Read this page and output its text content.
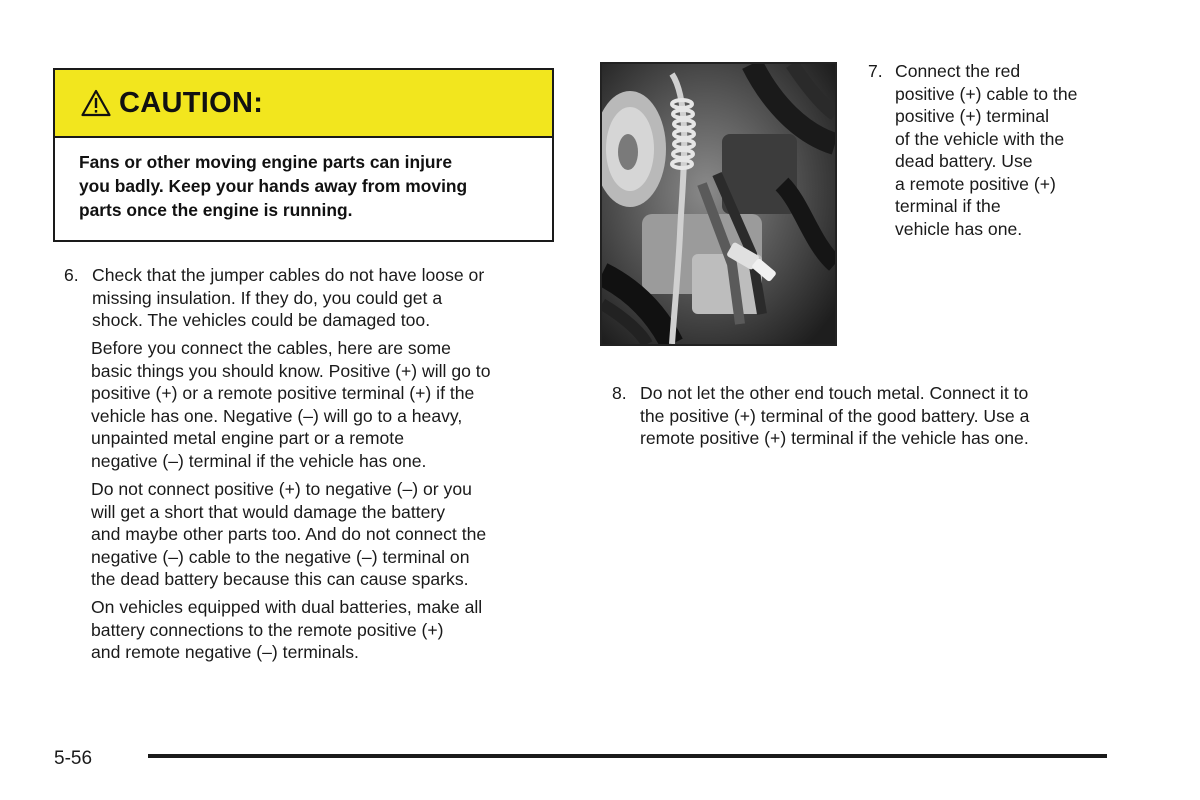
CAUTION:
Fans or other moving engine parts can injure
you badly. Keep your hands away from moving
parts once the engine is running.
6. Check that the jumper cables do not have loose or
missing insulation. If they do, you could get a
shock. The vehicles could be damaged too.
Before you connect the cables, here are some
basic things you should know. Positive (+) will go to
positive (+) or a remote positive terminal (+) if the
vehicle has one. Negative (–) will go to a heavy,
unpainted metal engine part or a remote
negative (–) terminal if the vehicle has one.
Do not connect positive (+) to negative (–) or you
will get a short that would damage the battery
and maybe other parts too. And do not connect the
negative (–) cable to the negative (–) terminal on
the dead battery because this can cause sparks.
On vehicles equipped with dual batteries, make all
battery connections to the remote positive (+)
and remote negative (–) terminals.
7. Connect the red
positive (+) cable to the
positive (+) terminal
of the vehicle with the
dead battery. Use
a remote positive (+)
terminal if the
vehicle has one.
8. Do not let the other end touch metal. Connect it to
the positive (+) terminal of the good battery. Use a
remote positive (+) terminal if the vehicle has one.
5-56
